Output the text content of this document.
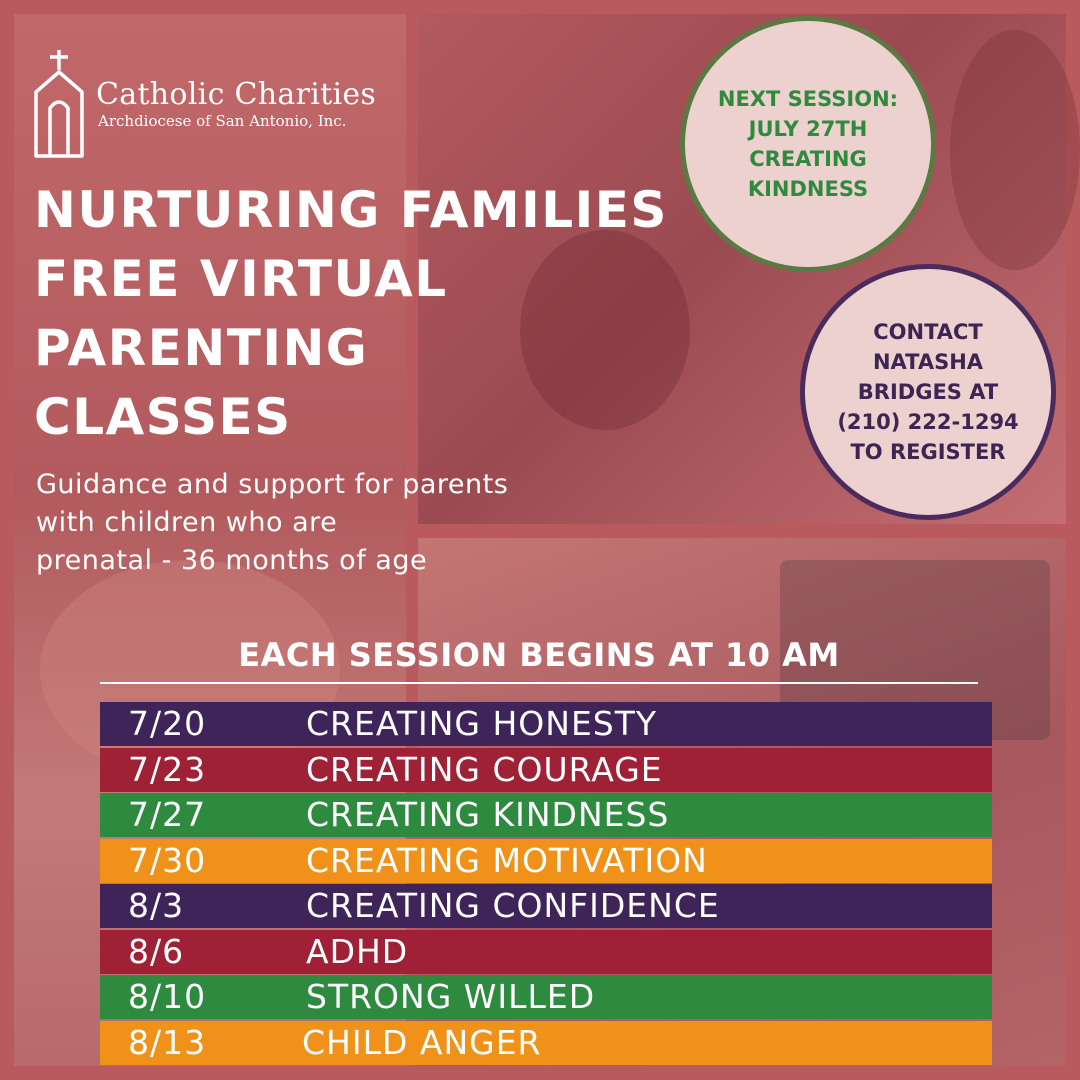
Catholic Charities
Archdiocese of San Antonio, Inc.
NURTURING FAMILIES
FREE VIRTUAL
PARENTING
CLASSES
Guidance and support for parents
with children who are
prenatal - 36 months of age
NEXT SESSION:
JULY 27TH
CREATING
KINDNESS
CONTACT
NATASHA
BRIDGES AT
(210) 222-1294
TO REGISTER
EACH SESSION BEGINS AT 10 AM
7/20	CREATING HONESTY
7/23	CREATING COURAGE
7/27	CREATING KINDNESS
7/30	CREATING MOTIVATION
8/3	CREATING CONFIDENCE
8/6	ADHD
8/10	STRONG WILLED
8/13	CHILD ANGER
